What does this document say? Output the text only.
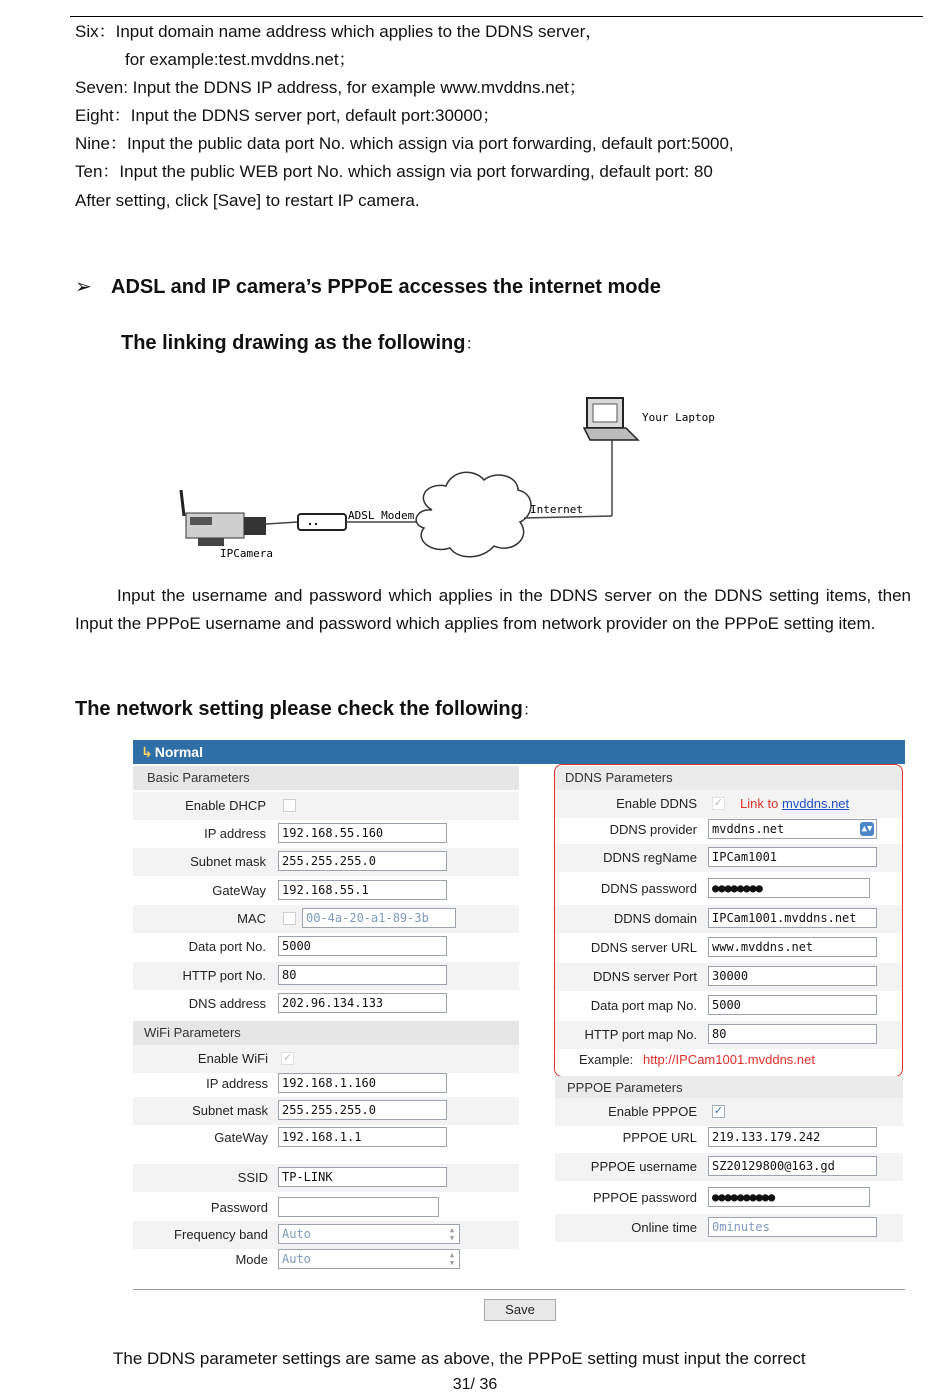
Six：Input domain name address which applies to the DDNS server，
for example:test.mvddns.net；
Seven: Input the DDNS IP address, for example www.mvddns.net；
Eight：Input the DDNS server port, default port:30000；
Nine：Input the public data port No. which assign via port forwarding, default port:5000,
Ten：Input the public WEB port No. which assign via port forwarding, default port: 80
After setting, click [Save] to restart IP camera.
➢ ADSL and IP camera’s PPPoE accesses the internet mode
The linking drawing as the following：
IPCamera
ADSL Modem	Internet
Your Laptop
Input the username and password which applies in the DDNS server on the DDNS setting items, then Input the PPPoE username and password which applies from network provider on the PPPoE setting item.
The network setting please check the following：
↳ Normal
Basic Parameters
Enable DHCP
IP address	192.168.55.160
Subnet mask	255.255.255.0
GateWay	192.168.55.1
MAC	00-4a-20-a1-89-3b
Data port No.	5000
HTTP port No.	80
DNS address	202.96.134.133
WiFi Parameters
Enable WiFi ✓
IP address	192.168.1.160
Subnet mask	255.255.255.0
GateWay	192.168.1.1
SSID	TP-LINK
Password
Frequency band	Auto	▲
▼
Mode	Auto	▲
▼
DDNS Parameters
Enable DDNS ✓ Link to mvddns.net
DDNS provider	mvddns.net	▲▼
DDNS regName	IPCam1001
DDNS password	●●●●●●●●
DDNS domain	IPCam1001.mvddns.net
DDNS server URL	www.mvddns.net
DDNS server Port	30000
Data port map No.	5000
HTTP port map No.	80
Example: http://IPCam1001.mvddns.net
PPPOE Parameters
Enable PPPOE ✓
PPPOE URL	219.133.179.242
PPPOE username	SZ20129800@163.gd
PPPOE password	●●●●●●●●●●
Online time	0minutes
Save
The DDNS parameter settings are same as above, the PPPoE setting must input the correct
31/ 36
